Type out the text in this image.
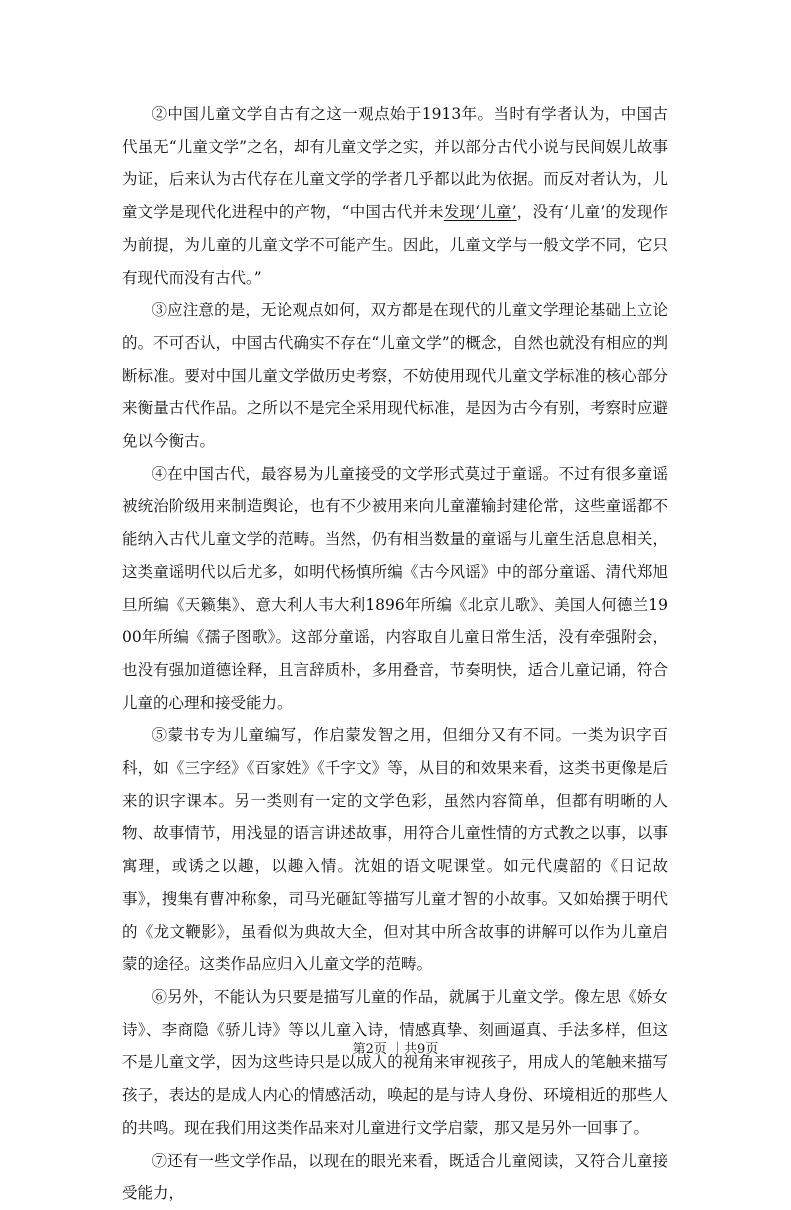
②中国儿童文学自古有之这一观点始于1913年。当时有学者认为，中国古代虽无“儿童文学”之名，却有儿童文学之实，并以部分古代小说与民间娱儿故事为证，后来认为古代存在儿童文学的学者几乎都以此为依据。而反对者认为，儿童文学是现代化进程中的产物，“中国古代并未发现‘儿童’，没有‘儿童’的发现作为前提，为儿童的儿童文学不可能产生。因此，儿童文学与一般文学不同，它只有现代而没有古代。”

③应注意的是，无论观点如何，双方都是在现代的儿童文学理论基础上立论的。不可否认，中国古代确实不存在“儿童文学”的概念，自然也就没有相应的判断标准。要对中国儿童文学做历史考察，不妨使用现代儿童文学标准的核心部分来衡量古代作品。之所以不是完全采用现代标准，是因为古今有别，考察时应避免以今衡古。

④在中国古代，最容易为儿童接受的文学形式莫过于童谣。不过有很多童谣被统治阶级用来制造舆论，也有不少被用来向儿童灌输封建伦常，这些童谣都不能纳入古代儿童文学的范畴。当然，仍有相当数量的童谣与儿童生活息息相关，这类童谣明代以后尤多，如明代杨慎所编《古今风谣》中的部分童谣、清代郑旭旦所编《天籁集》、意大利人韦大利1896年所编《北京儿歌》、美国人何德兰1900年所编《孺子图歌》。这部分童谣，内容取自儿童日常生活，没有牵强附会，也没有强加道德诠释，且言辞质朴，多用叠音，节奏明快，适合儿童记诵，符合儿童的心理和接受能力。

⑤蒙书专为儿童编写，作启蒙发智之用，但细分又有不同。一类为识字百科，如《三字经》《百家姓》《千字文》等，从目的和效果来看，这类书更像是后来的识字课本。另一类则有一定的文学色彩，虽然内容简单，但都有明晰的人物、故事情节，用浅显的语言讲述故事，用符合儿童性情的方式教之以事，以事寓理，或诱之以趣，以趣入情。沈姐的语文呢课堂。如元代虞韶的《日记故事》，搜集有曹冲称象，司马光砸缸等描写儿童才智的小故事。又如始撰于明代的《龙文鞭影》，虽看似为典故大全，但对其中所含故事的讲解可以作为儿童启蒙的途径。这类作品应归入儿童文学的范畴。

⑥另外，不能认为只要是描写儿童的作品，就属于儿童文学。像左思《娇女诗》、李商隐《骄儿诗》等以儿童入诗，情感真挚、刻画逼真、手法多样，但这不是儿童文学，因为这些诗只是以成人的视角来审视孩子，用成人的笔触来描写孩子，表达的是成人内心的情感活动，唤起的是与诗人身份、环境相近的那些人的共鸣。现在我们用这类作品来对儿童进行文学启蒙，那又是另外一回事了。

⑦还有一些文学作品，以现在的眼光来看，既适合儿童阅读，又符合儿童接受能力，

第2页 ｜共9页
